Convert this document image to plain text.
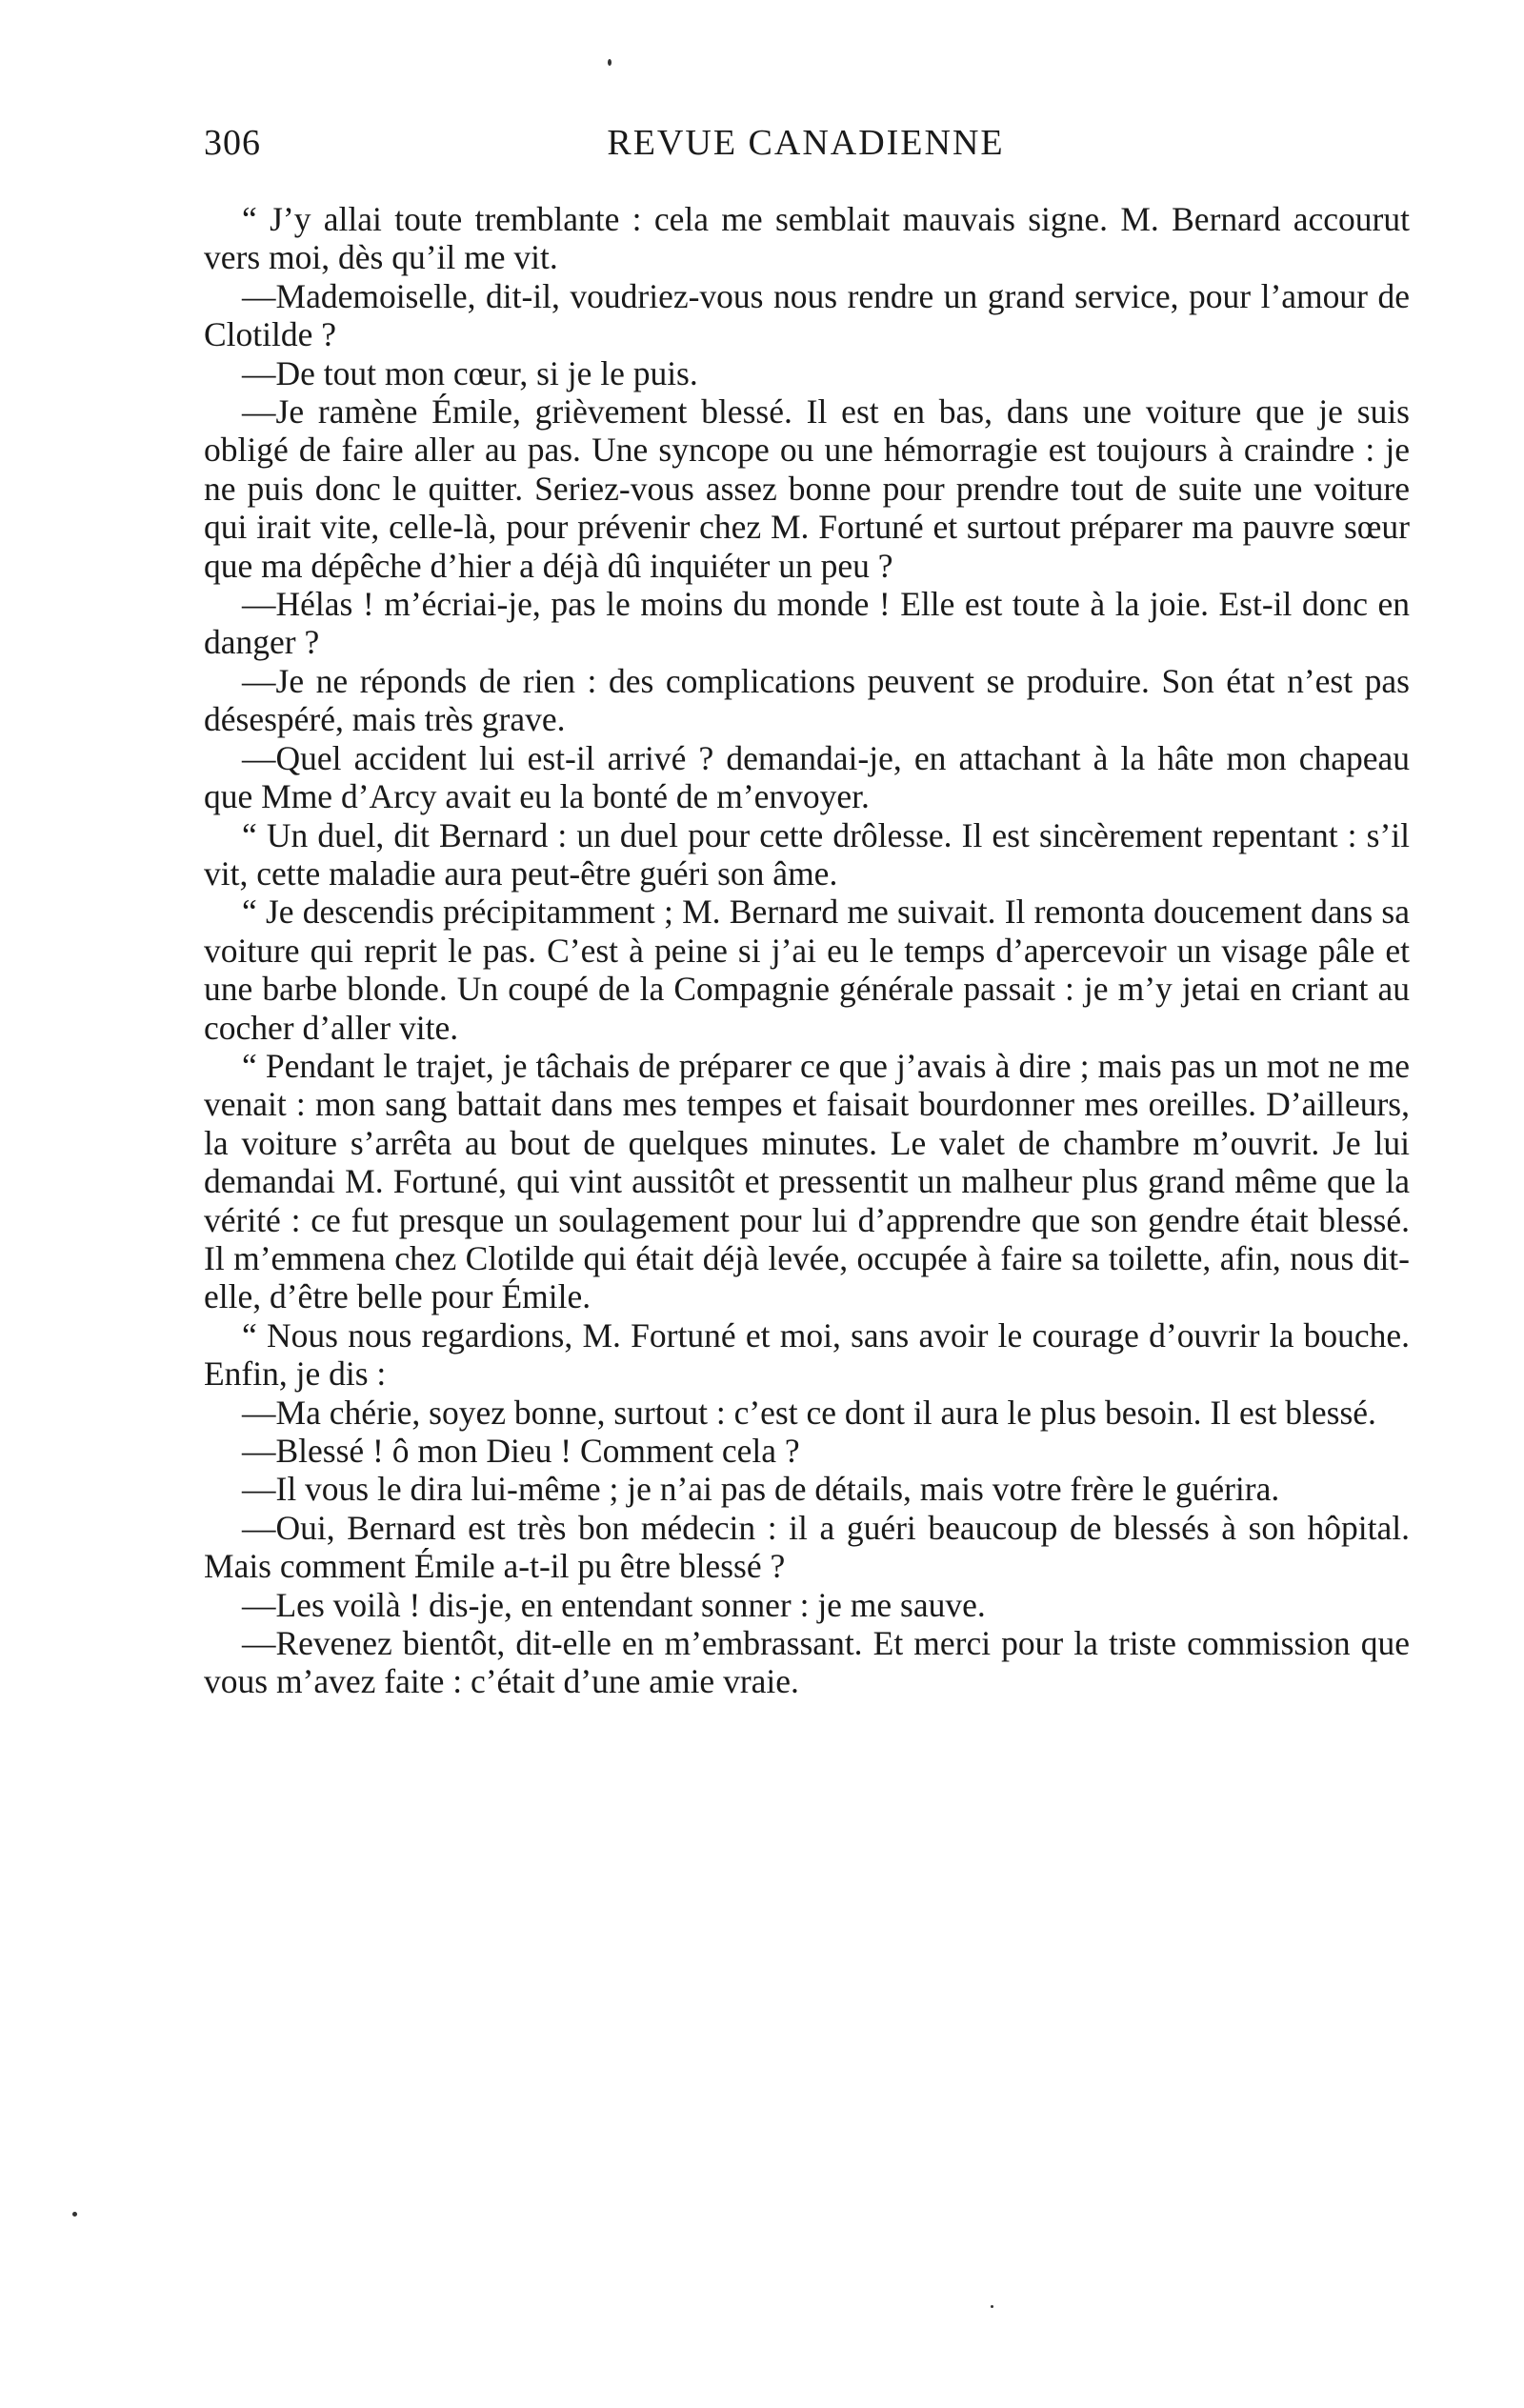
306	REVUE CANADIENNE

“ J’y allai toute tremblante : cela me semblait mauvais signe. M. Bernard accourut vers moi, dès qu’il me vit.

—Mademoiselle, dit-il, voudriez-vous nous rendre un grand service, pour l’amour de Clotilde ?

—De tout mon cœur, si je le puis.

—Je ramène Émile, grièvement blessé. Il est en bas, dans une voiture que je suis obligé de faire aller au pas. Une syncope ou une hémorragie est toujours à craindre : je ne puis donc le quitter. Seriez-vous assez bonne pour prendre tout de suite une voiture qui irait vite, celle-là, pour prévenir chez M. Fortuné et surtout préparer ma pauvre sœur que ma dépêche d’hier a déjà dû inquiéter un peu ?

—Hélas ! m’écriai-je, pas le moins du monde ! Elle est toute à la joie. Est-il donc en danger ?

—Je ne réponds de rien : des complications peuvent se produire. Son état n’est pas désespéré, mais très grave.

—Quel accident lui est-il arrivé ? demandai-je, en attachant à la hâte mon chapeau que Mme d’Arcy avait eu la bonté de m’envoyer.

“ Un duel, dit Bernard : un duel pour cette drôlesse. Il est sincèrement repentant : s’il vit, cette maladie aura peut-être guéri son âme.

“ Je descendis précipitamment ; M. Bernard me suivait. Il remonta doucement dans sa voiture qui reprit le pas. C’est à peine si j’ai eu le temps d’apercevoir un visage pâle et une barbe blonde. Un coupé de la Compagnie générale passait : je m’y jetai en criant au cocher d’aller vite.

“ Pendant le trajet, je tâchais de préparer ce que j’avais à dire ; mais pas un mot ne me venait : mon sang battait dans mes tempes et faisait bourdonner mes oreilles. D’ailleurs, la voiture s’arrêta au bout de quelques minutes. Le valet de chambre m’ouvrit. Je lui demandai M. Fortuné, qui vint aussitôt et pressentit un malheur plus grand même que la vérité : ce fut presque un soulagement pour lui d’apprendre que son gendre était blessé. Il m’emmena chez Clotilde qui était déjà levée, occupée à faire sa toilette, afin, nous dit-elle, d’être belle pour Émile.

“ Nous nous regardions, M. Fortuné et moi, sans avoir le courage d’ouvrir la bouche. Enfin, je dis :

—Ma chérie, soyez bonne, surtout : c’est ce dont il aura le plus besoin. Il est blessé.

—Blessé ! ô mon Dieu ! Comment cela ?

—Il vous le dira lui-même ; je n’ai pas de détails, mais votre frère le guérira.

—Oui, Bernard est très bon médecin : il a guéri beaucoup de blessés à son hôpital. Mais comment Émile a-t-il pu être blessé ?

—Les voilà ! dis-je, en entendant sonner : je me sauve.

—Revenez bientôt, dit-elle en m’embrassant. Et merci pour la triste commission que vous m’avez faite : c’était d’une amie vraie.
